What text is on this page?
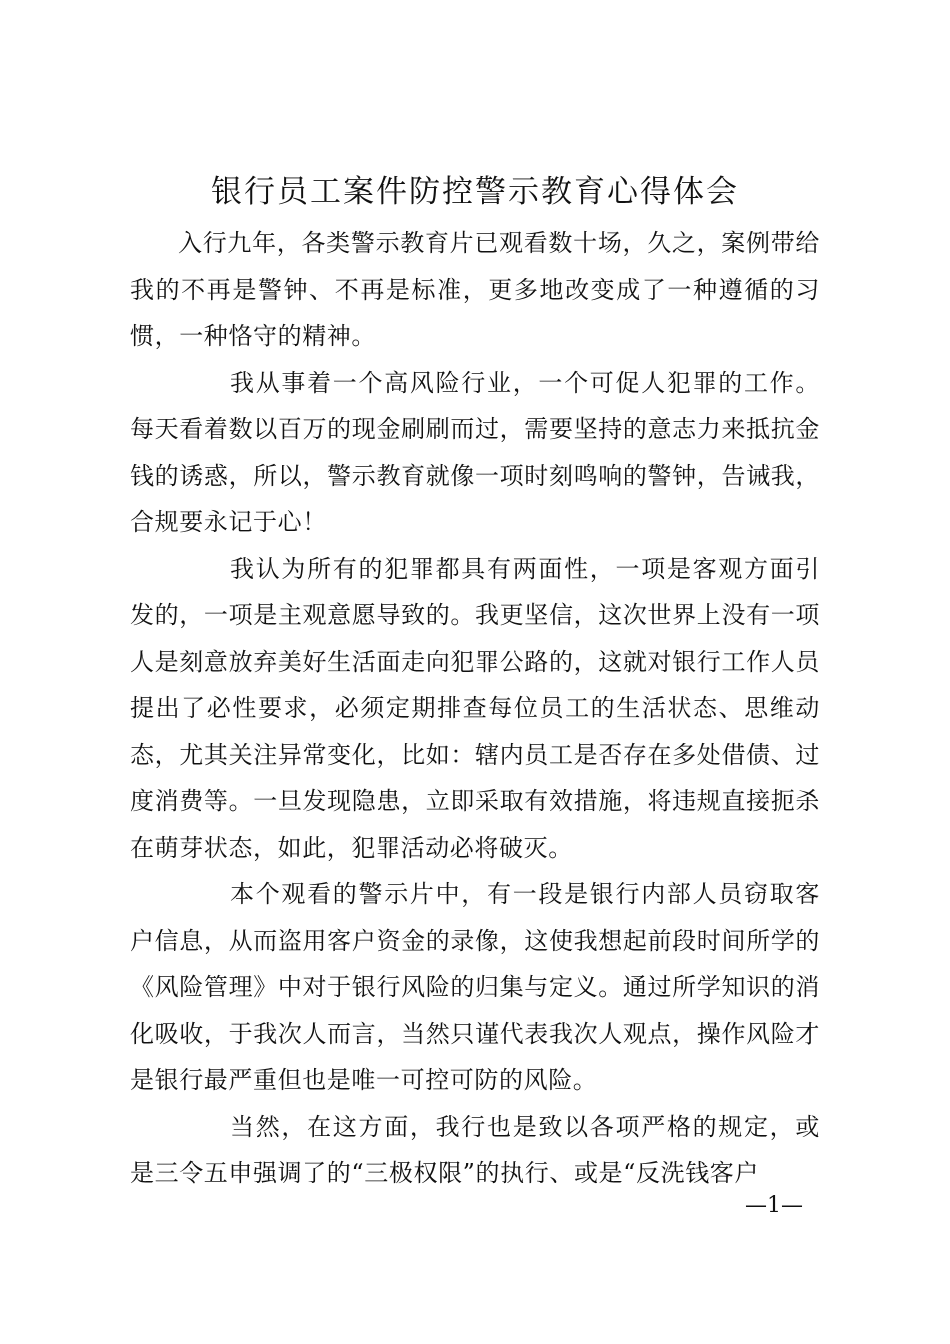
银行员工案件防控警示教育心得体会

入行九年，各类警示教育片已观看数十场，久之，案例带给我的不再是警钟、不再是标准，更多地改变成了一种遵循的习惯，一种恪守的精神。

我从事着一个高风险行业，一个可促人犯罪的工作。每天看着数以百万的现金刷刷而过，需要坚持的意志力来抵抗金钱的诱惑，所以，警示教育就像一项时刻鸣响的警钟，告诫我，合规要永记于心！

我认为所有的犯罪都具有两面性，一项是客观方面引发的，一项是主观意愿导致的。我更坚信，这次世界上没有一项人是刻意放弃美好生活面走向犯罪公路的，这就对银行工作人员提出了必性要求，必须定期排查每位员工的生活状态、思维动态，尤其关注异常变化，比如：辖内员工是否存在多处借债、过度消费等。一旦发现隐患，立即采取有效措施，将违规直接扼杀在萌芽状态，如此，犯罪活动必将破灭。

本个观看的警示片中，有一段是银行内部人员窃取客户信息，从而盗用客户资金的录像，这使我想起前段时间所学的《风险管理》中对于银行风险的归集与定义。通过所学知识的消化吸收，于我次人而言，当然只谨代表我次人观点，操作风险才是银行最严重但也是唯一可控可防的风险。

当然，在这方面，我行也是致以各项严格的规定，或是三令五申强调了的“三极权限”的执行、或是“反洗钱客户

—1—
